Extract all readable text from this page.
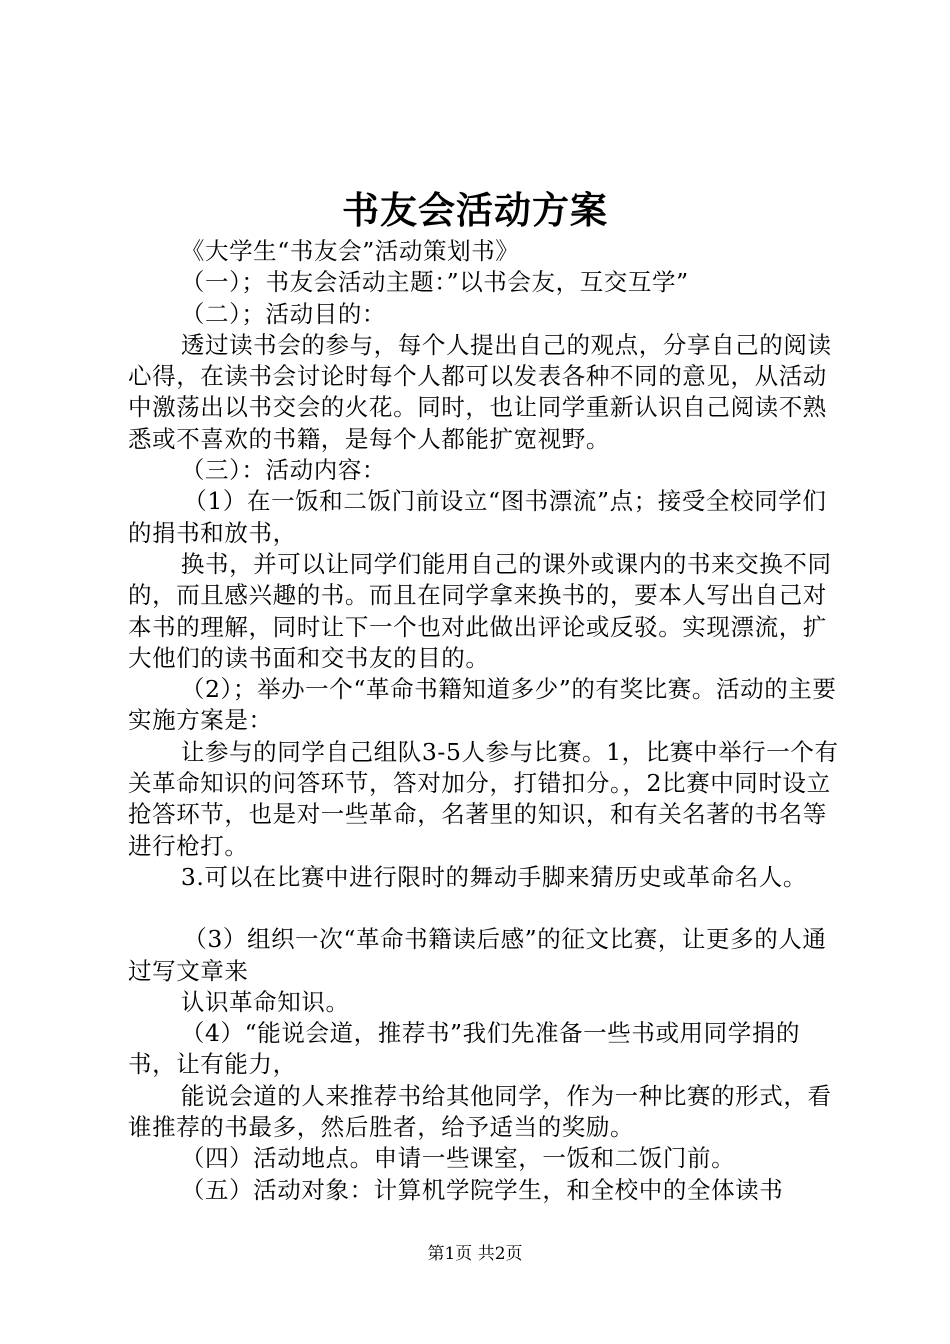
书友会活动方案

《大学生“书友会”活动策划书》

（一）；书友会活动主题：”以书会友，互交互学”

（二）；活动目的：

透过读书会的参与，每个人提出自己的观点，分享自己的阅读心得，在读书会讨论时每个人都可以发表各种不同的意见，从活动中激荡出以书交会的火花。同时，也让同学重新认识自己阅读不熟悉或不喜欢的书籍，是每个人都能扩宽视野。

（三）：活动内容：

（1）在一饭和二饭门前设立“图书漂流”点；接受全校同学们的捐书和放书，

换书，并可以让同学们能用自己的课外或课内的书来交换不同的，而且感兴趣的书。而且在同学拿来换书的，要本人写出自己对本书的理解，同时让下一个也对此做出评论或反驳。实现漂流，扩大他们的读书面和交书友的目的。

（2）；举办一个“革命书籍知道多少”的有奖比赛。活动的主要实施方案是：

让参与的同学自己组队3-5人参与比赛。1，比赛中举行一个有关革命知识的问答环节，答对加分，打错扣分。，2比赛中同时设立抢答环节，也是对一些革命，名著里的知识，和有关名著的书名等进行枪打。

3.可以在比赛中进行限时的舞动手脚来猜历史或革命名人。

（3）组织一次“革命书籍读后感”的征文比赛，让更多的人通过写文章来

认识革命知识。

（4）“能说会道，推荐书”我们先准备一些书或用同学捐的书，让有能力，

能说会道的人来推荐书给其他同学，作为一种比赛的形式，看谁推荐的书最多，然后胜者，给予适当的奖励。

（四）活动地点。申请一些课室，一饭和二饭门前。

（五）活动对象：计算机学院学生，和全校中的全体读书

第1页 共2页
